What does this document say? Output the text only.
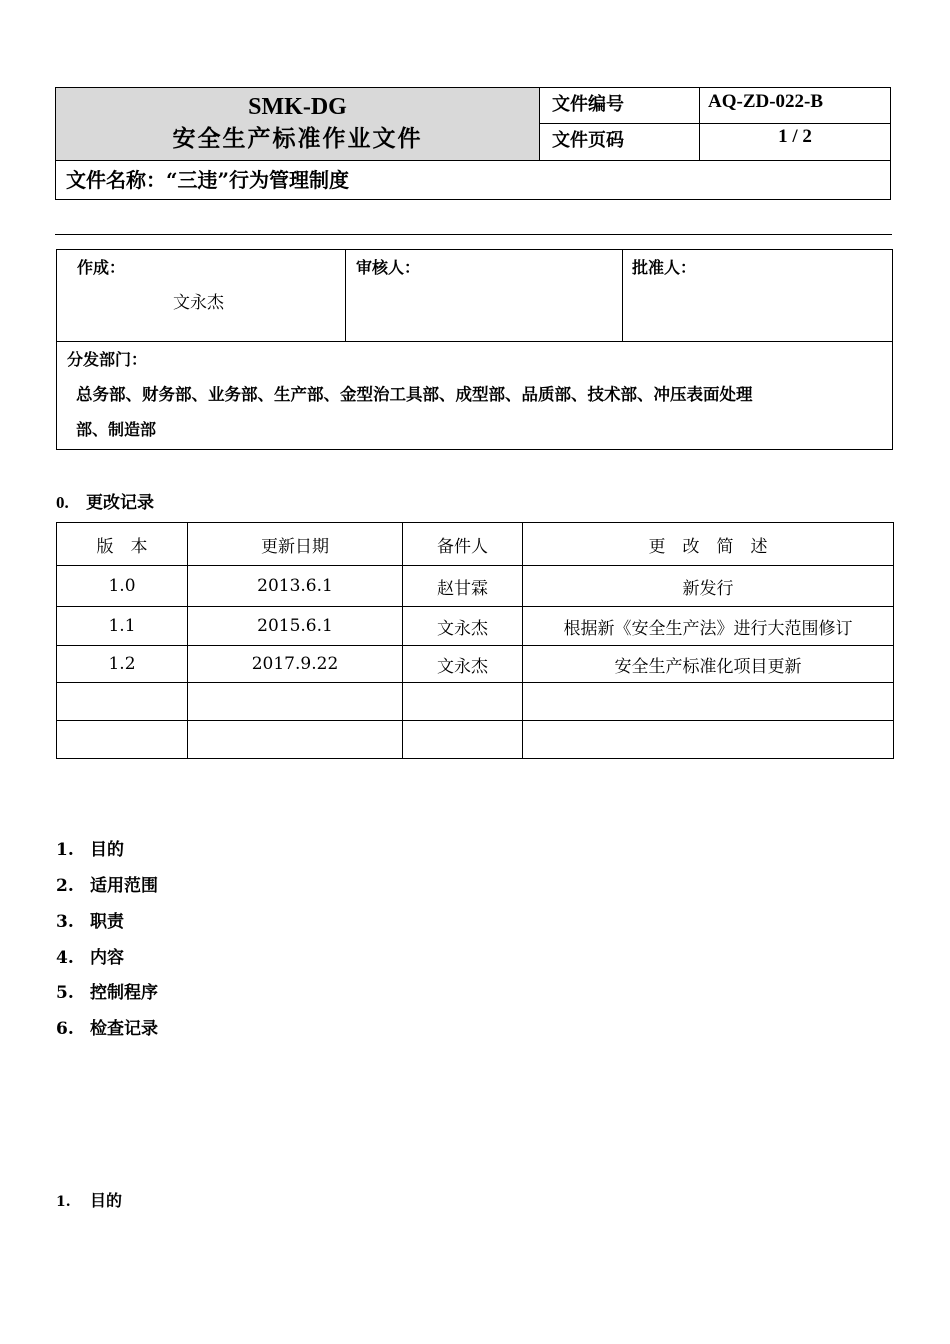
SMK-DG
安全生产标准作业文件
文件编号	AQ-ZD-022-B
文件页码	1 / 2
文件名称：“三违”行为管理制度
作成：
文永杰
审核人：	批准人：
分发部门：
总务部、财务部、业务部、生产部、金型治工具部、成型部、品质部、技术部、冲压表面处理
部、制造部
0. 更改记录
版　本	更新日期	备件人	更　改　简　述
1.0	2013.6.1	赵甘霖	新发行
1.1	2015.6.1	文永杰	根据新《安全生产法》进行大范围修订
1.2	2017.9.22	文永杰	安全生产标准化项目更新

1. 目的
2. 适用范围
3. 职责
4. 内容
5. 控制程序
6. 检查记录
1. 目的
